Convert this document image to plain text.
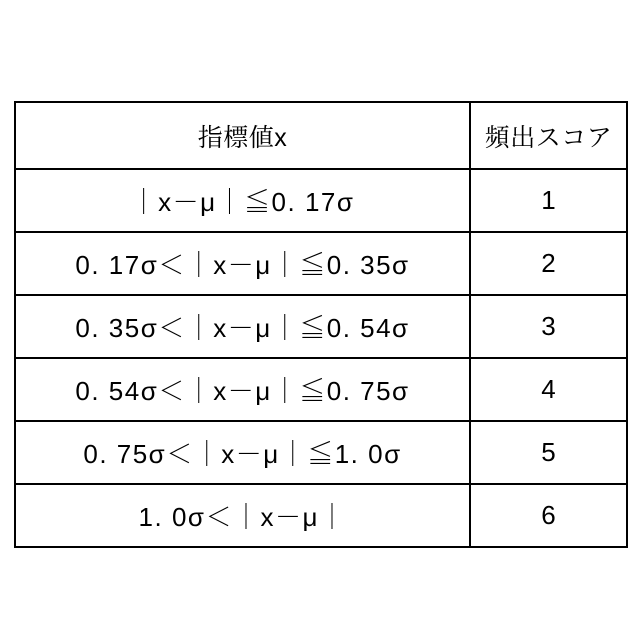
指標値x	頻出スコア
｜x－μ｜≦0. 17σ	1
0. 17σ＜｜x－μ｜≦0. 35σ	2
0. 35σ＜｜x－μ｜≦0. 54σ	3
0. 54σ＜｜x－μ｜≦0. 75σ	4
0. 75σ＜｜x－μ｜≦1. 0σ	5
1. 0σ＜｜x－μ｜	6
